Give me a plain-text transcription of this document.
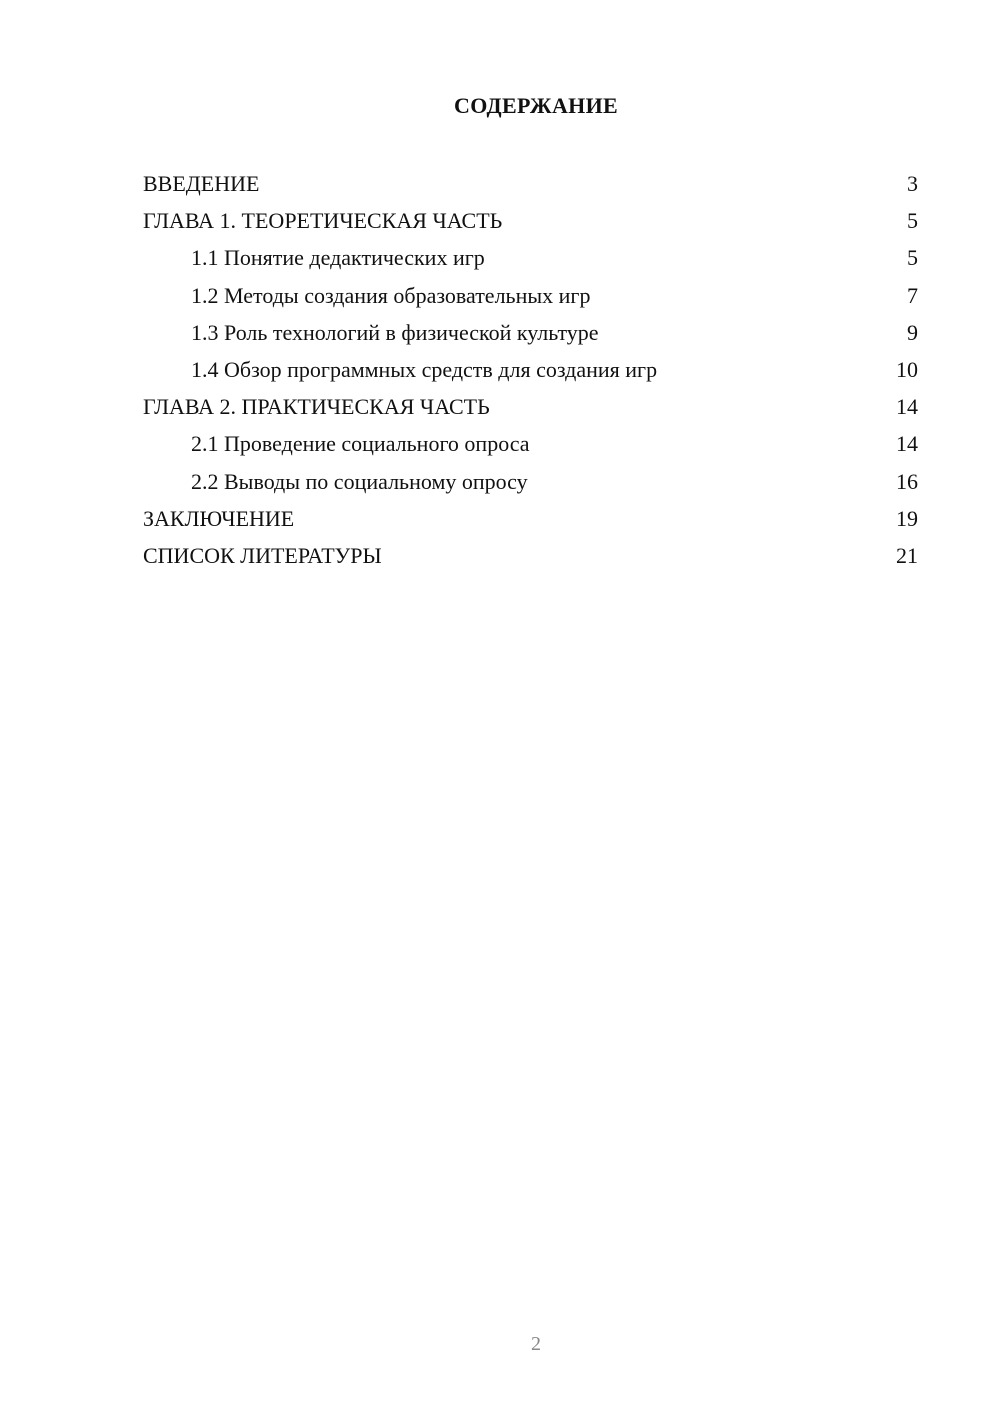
СОДЕРЖАНИЕ
ВВЕДЕНИЕ	3
ГЛАВА 1. ТЕОРЕТИЧЕСКАЯ ЧАСТЬ	5
1.1 Понятие дедактических игр	5
1.2 Методы создания образовательных игр	7
1.3 Роль технологий в физической культуре	9
1.4 Обзор программных средств для создания игр	10
ГЛАВА 2. ПРАКТИЧЕСКАЯ ЧАСТЬ	14
2.1 Проведение социального опроса	14
2.2 Выводы по социальному опросу	16
ЗАКЛЮЧЕНИЕ	19
СПИСОК ЛИТЕРАТУРЫ	21
2
